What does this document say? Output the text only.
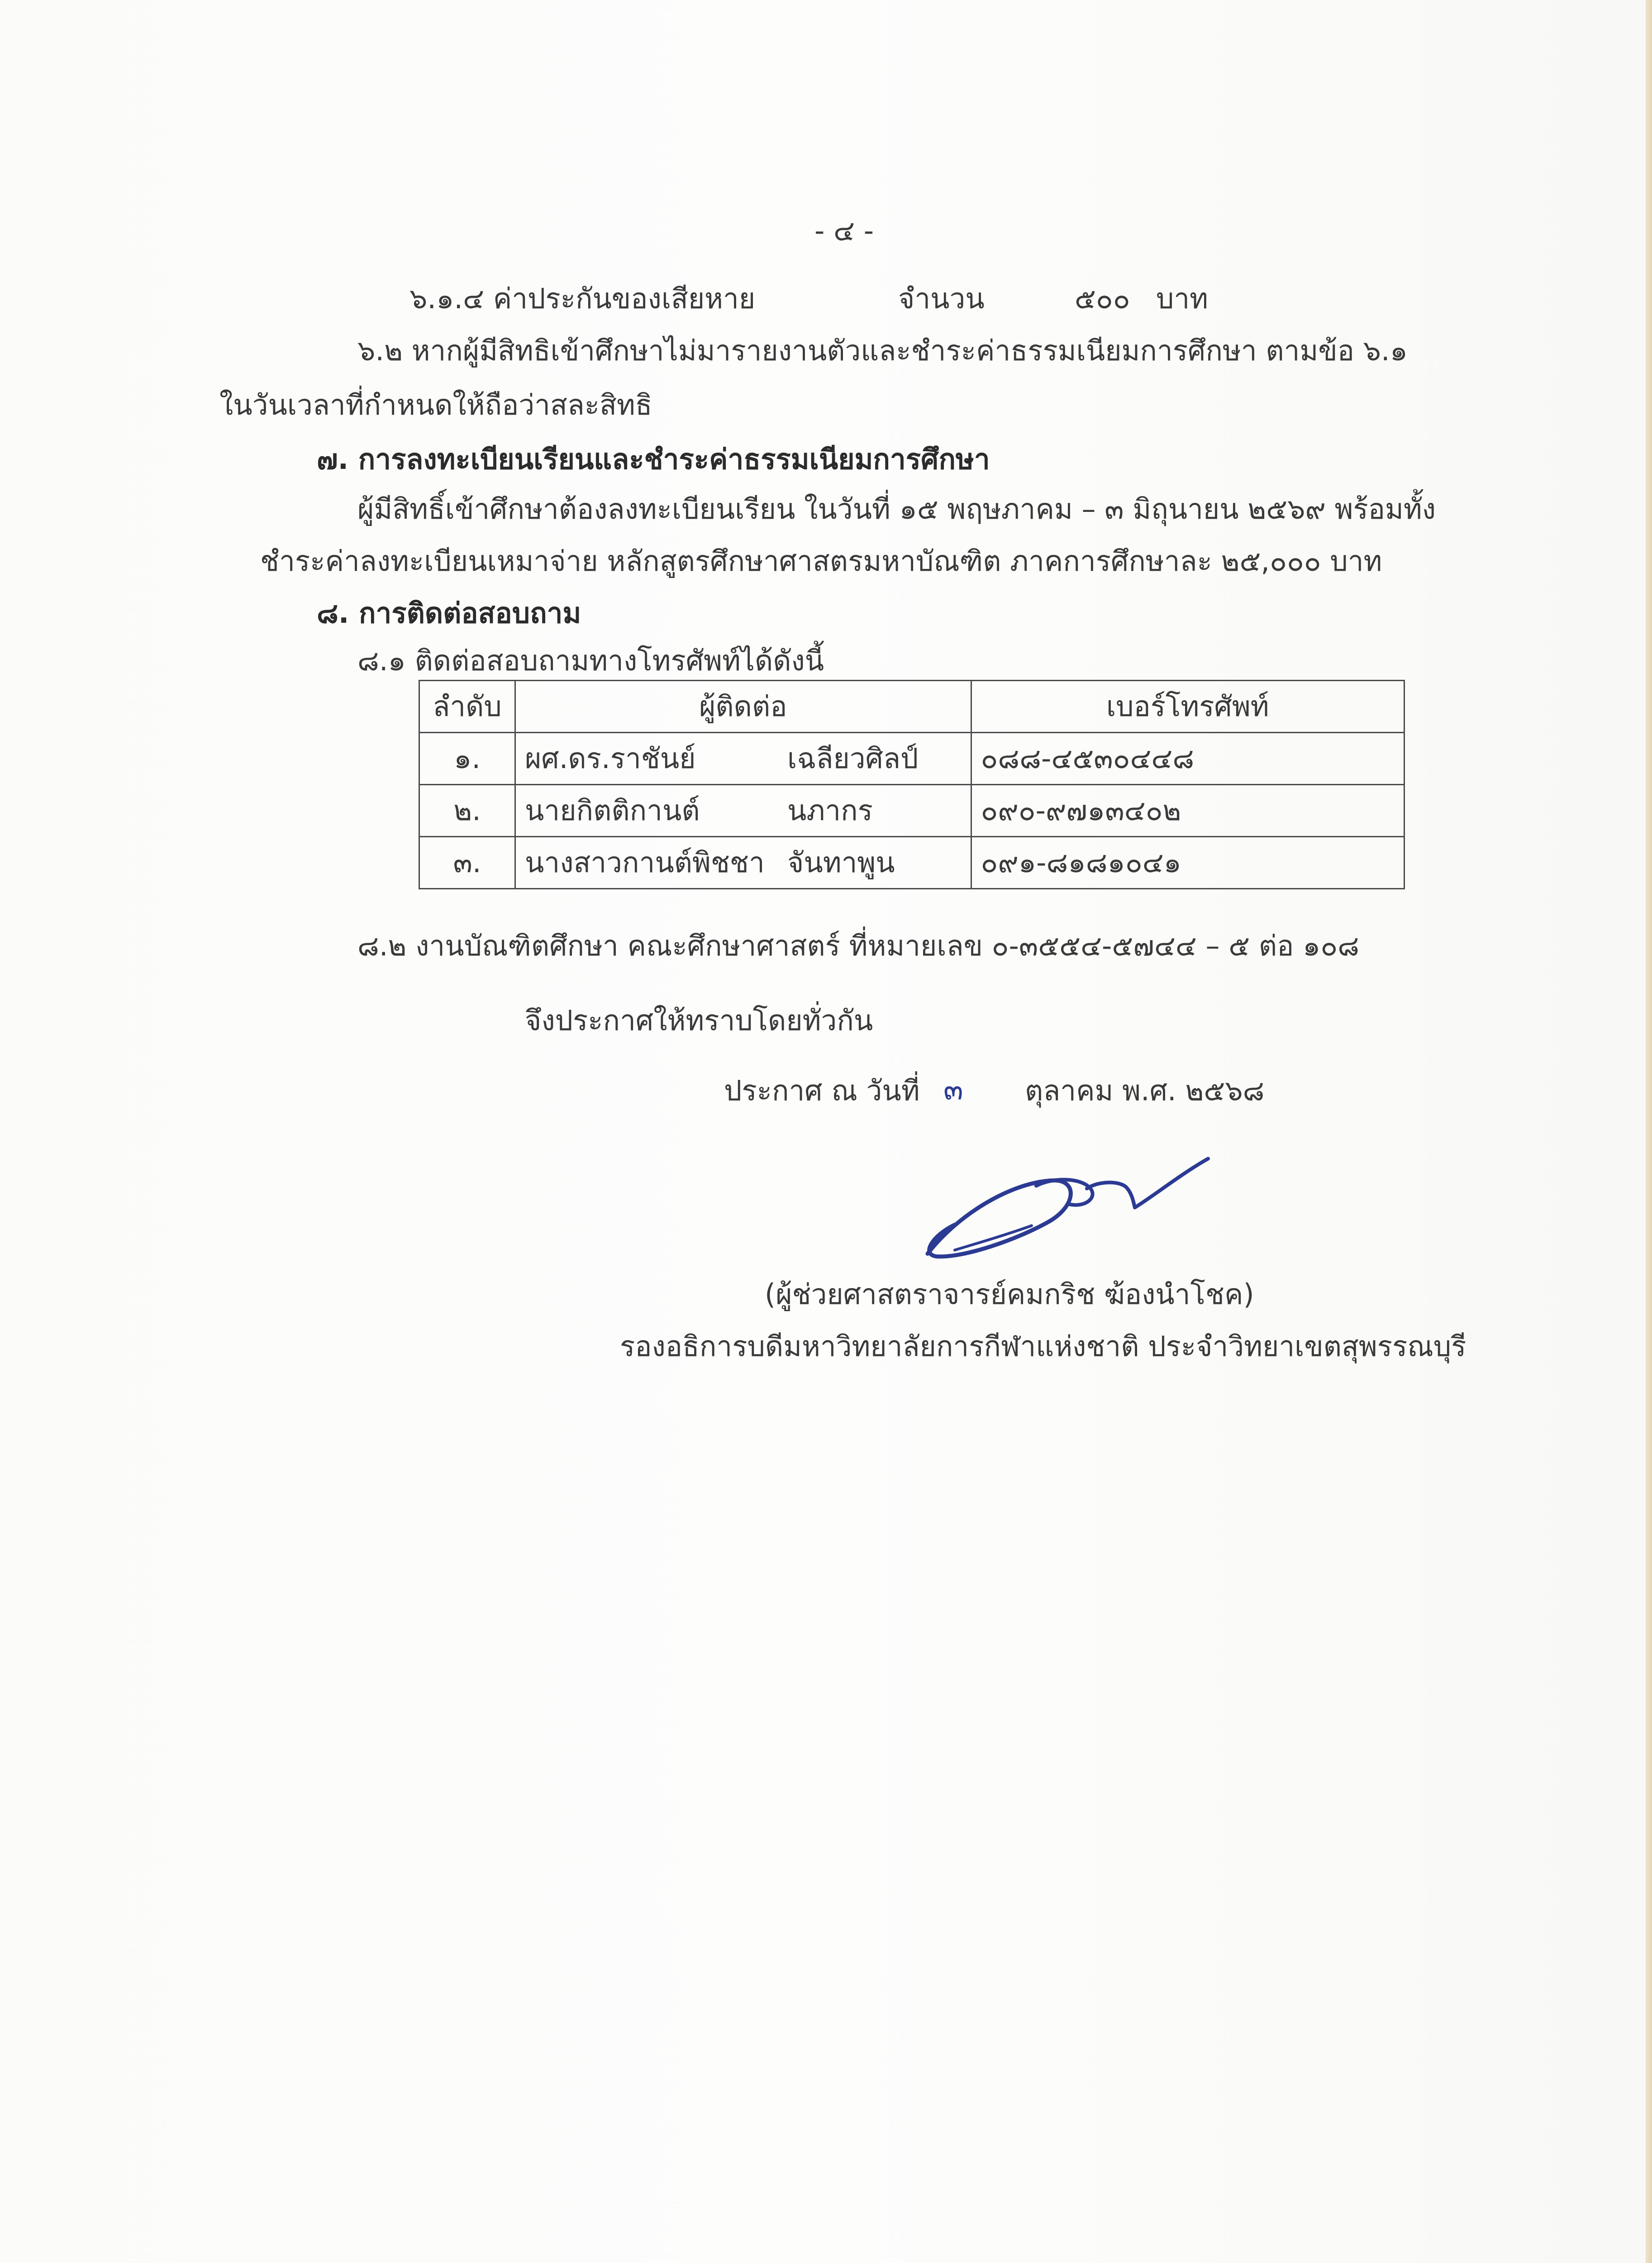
- ๔ -
๖.๑.๔ ค่าประกันของเสียหาย	จำนวน	๕๐๐ บาท
๖.๒ หากผู้มีสิทธิเข้าศึกษาไม่มารายงานตัวและชำระค่าธรรมเนียมการศึกษา ตามข้อ ๖.๑
ในวันเวลาที่กำหนดให้ถือว่าสละสิทธิ
๗. การลงทะเบียนเรียนและชำระค่าธรรมเนียมการศึกษา
ผู้มีสิทธิ์เข้าศึกษาต้องลงทะเบียนเรียน ในวันที่ ๑๕ พฤษภาคม – ๓ มิถุนายน ๒๕๖๙ พร้อมทั้ง
ชำระค่าลงทะเบียนเหมาจ่าย หลักสูตรศึกษาศาสตรมหาบัณฑิต ภาคการศึกษาละ ๒๕,๐๐๐ บาท
๘. การติดต่อสอบถาม
๘.๑ ติดต่อสอบถามทางโทรศัพท์ได้ดังนี้
ลำดับ	ผู้ติดต่อ	เบอร์โทรศัพท์
๑.	ผศ.ดร.ราชันย์ เฉลียวศิลป์	๐๘๘-๔๕๓๐๔๔๘
๒.	นายกิตติกานต์ นภากร	๐๙๐-๙๗๑๓๔๐๒
๓.	นางสาวกานต์พิชชา จันทาพูน	๐๙๑-๘๑๘๑๐๔๑
๘.๒ งานบัณฑิตศึกษา คณะศึกษาศาสตร์ ที่หมายเลข ๐-๓๕๕๔-๕๗๔๔ – ๕ ต่อ ๑๐๘
จึงประกาศให้ทราบโดยทั่วกัน
ประกาศ ณ วันที่ ๓ ตุลาคม พ.ศ. ๒๕๖๘
(ผู้ช่วยศาสตราจารย์คมกริช ฆ้องนำโชค)
รองอธิการบดีมหาวิทยาลัยการกีฬาแห่งชาติ ประจำวิทยาเขตสุพรรณบุรี
